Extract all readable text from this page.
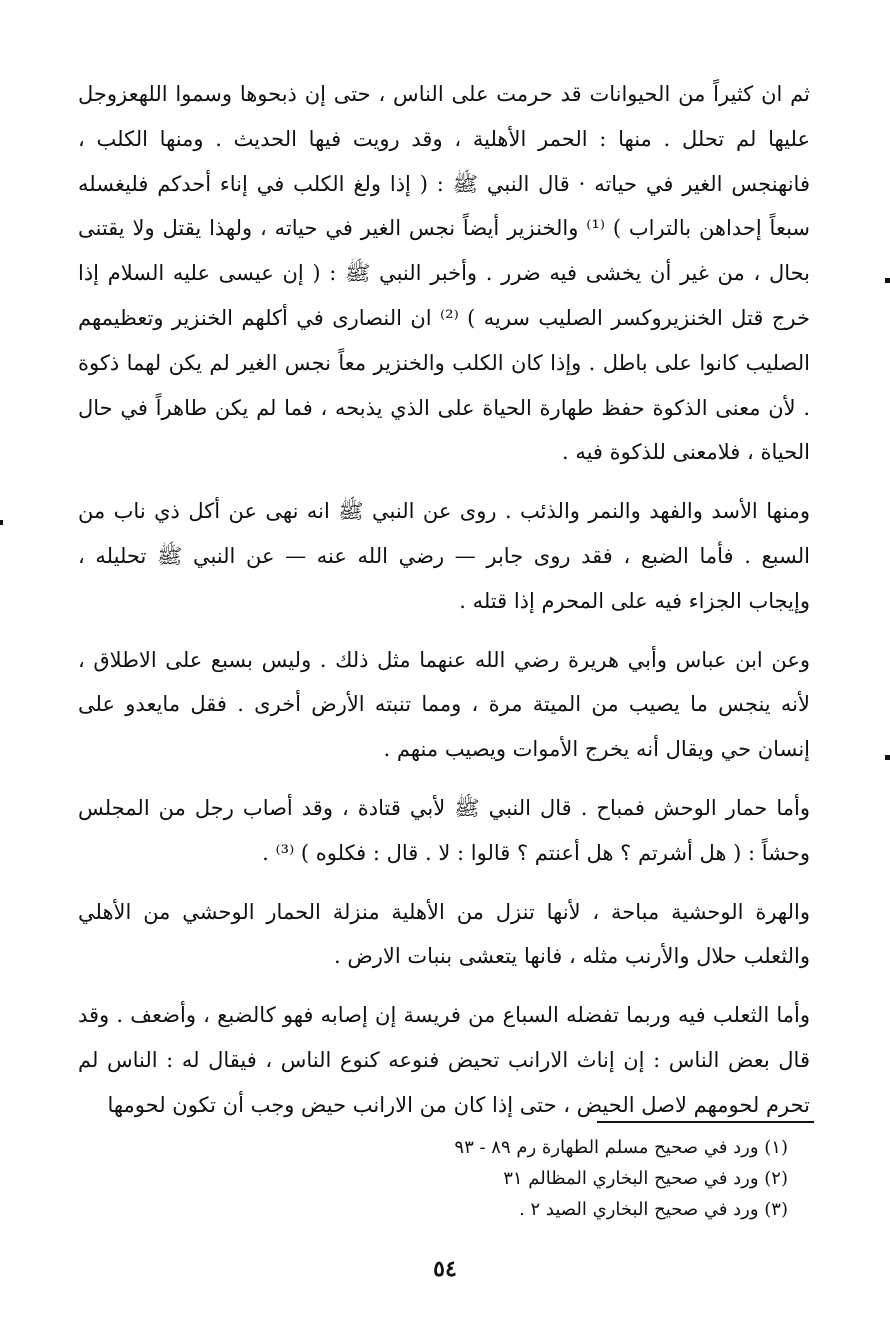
ثم ان كثيراً من الحيوانات قد حرمت على الناس ، حتى إن ذبحوها وسموا اللهعزوجل عليها لم تحلل . منها : الحمر الأهلية ، وقد رويت فيها الحديث . ومنها الكلب ، فانهنجس الغير في حياته · قال النبي ﷺ : ( إذا ولغ الكلب في إناء أحدكم فليغسله سبعاً إحداهن بالتراب ) ⁽¹⁾ والخنزير أيضاً نجس الغير في حياته ، ولهذا يقتل ولا يقتنى بحال ، من غير أن يخشى فيه ضرر . وأخبر النبي ﷺ : ( إن عيسى عليه السلام إذا خرج قتل الخنزيروكسر الصليب سريه ) ⁽²⁾ ان النصارى في أكلهم الخنزير وتعظيمهم الصليب كانوا على باطل . وإذا كان الكلب والخنزير معاً نجس الغير لم يكن لهما ذكوة . لأن معنى الذكوة حفظ طهارة الحياة على الذي يذبحه ، فما لم يكن طاهراً في حال الحياة ، فلامعنى للذكوة فيه .

ومنها الأسد والفهد والنمر والذئب . روى عن النبي ﷺ انه نهى عن أكل ذي ناب من السبع . فأما الضبع ، فقد روى جابر — رضي الله عنه — عن النبي ﷺ تحليله ، وإيجاب الجزاء فيه على المحرم إذا قتله .

وعن ابن عباس وأبي هريرة رضي الله عنهما مثل ذلك . وليس بسبع على الاطلاق ، لأنه ينجس ما يصيب من الميتة مرة ، ومما تنبته الأرض أخرى . فقل مايعدو على إنسان حي ويقال أنه يخرج الأموات ويصيب منهم .

وأما حمار الوحش فمباح . قال النبي ﷺ لأبي قتادة ، وقد أصاب رجل من المجلس وحشاً : ( هل أشرتم ؟ هل أعنتم ؟ قالوا : لا . قال : فكلوه ) ⁽³⁾ .

والهرة الوحشية مباحة ، لأنها تنزل من الأهلية منزلة الحمار الوحشي من الأهلي والثعلب حلال والأرنب مثله ، فانها يتعشى بنبات الارض .

وأما الثعلب فيه وربما تفضله السباع من فريسة إن إصابه فهو كالضبع ، وأضعف . وقد قال بعض الناس : إن إناث الارانب تحيض فنوعه كنوع الناس ، فيقال له : الناس لم تحرم لحومهم لاصل الحيض ، حتى إذا كان من الارانب حيض وجب أن تكون لحومها

(١) ورد في صحيح مسلم الطهارة رم ٨٩ - ٩٣

(٢) ورد في صحيح البخاري المظالم ٣١

(٣) ورد في صحيح البخاري الصيد ٢ .

٥٤
